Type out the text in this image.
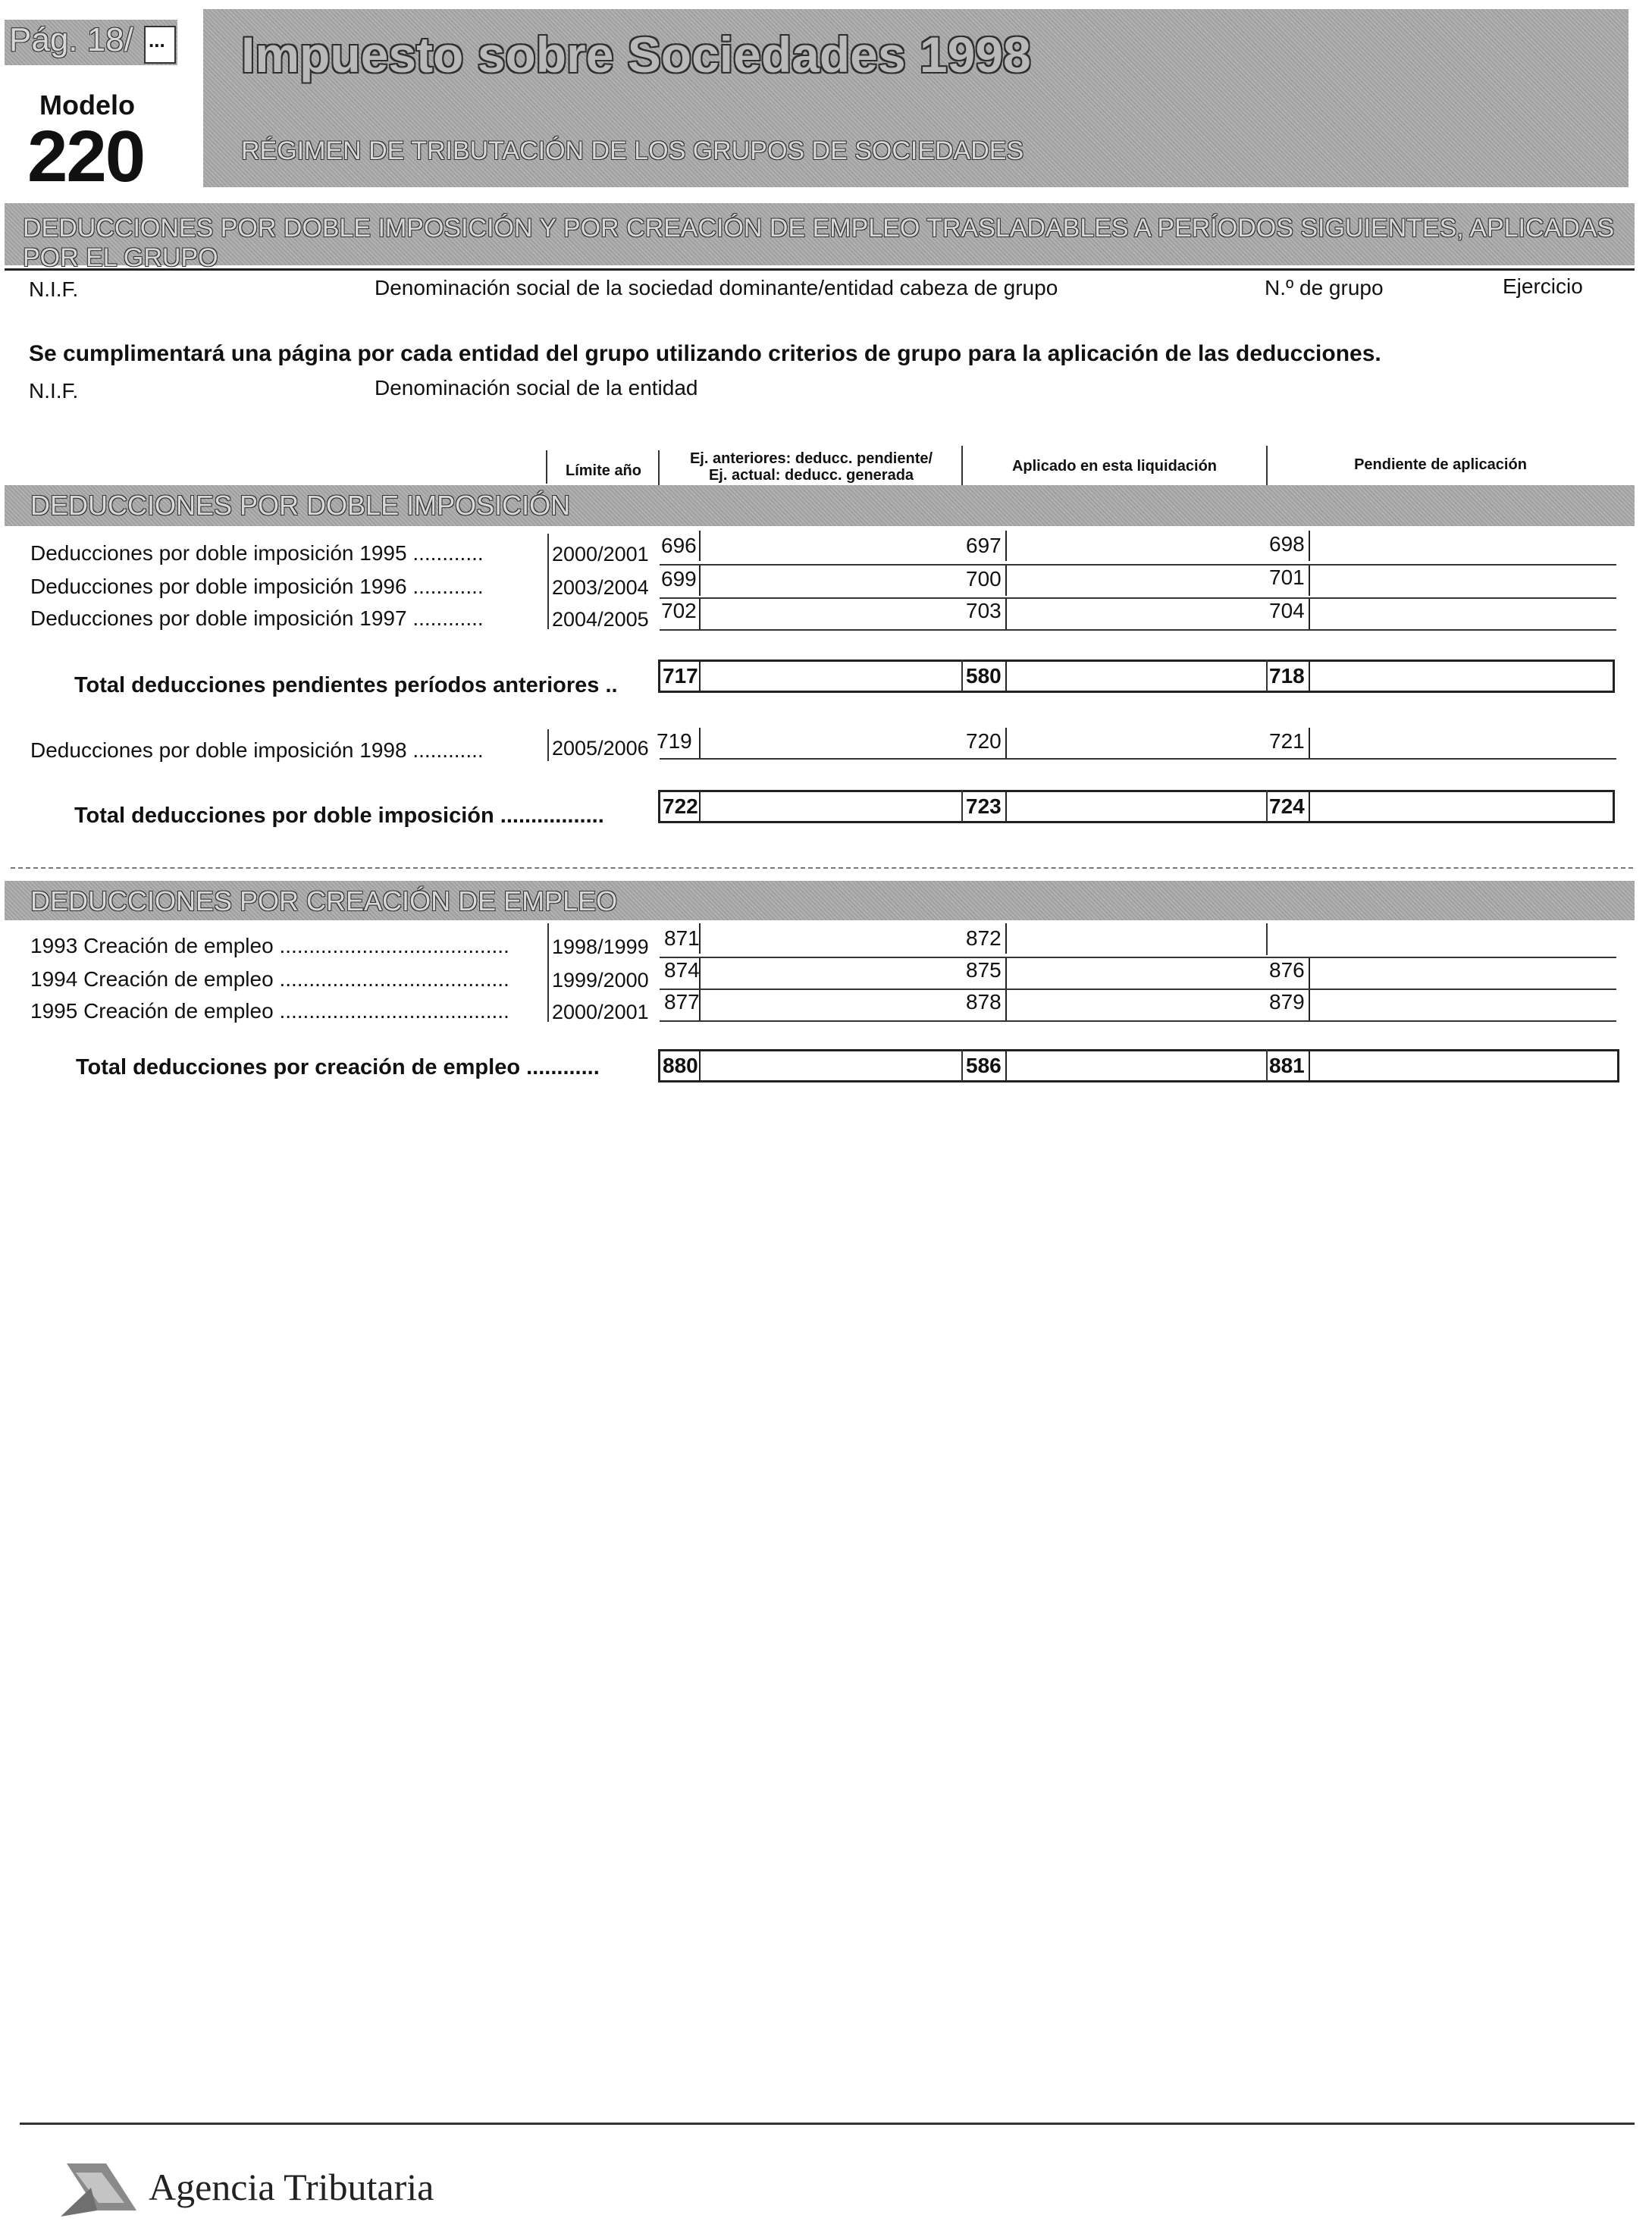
Pág. 18/ ...
Modelo
220
Impuesto sobre Sociedades 1998
RÉGIMEN DE TRIBUTACIÓN DE LOS GRUPOS DE SOCIEDADES
DEDUCCIONES POR DOBLE IMPOSICIÓN Y POR CREACIÓN DE EMPLEO TRASLADABLES A PERÍODOS SIGUIENTES, APLICADAS POR EL GRUPO
N.I.F.	Denominación social de la sociedad dominante/entidad cabeza de grupo	N.º de grupo	Ejercicio
Se cumplimentará una página por cada entidad del grupo utilizando criterios de grupo para la aplicación de las deducciones.
N.I.F.	Denominación social de la entidad
Límite año
Ej. anteriores: deducc. pendiente/
Ej. actual: deducc. generada
Aplicado en esta liquidación	Pendiente de aplicación
DEDUCCIONES POR DOBLE IMPOSICIÓN
Deducciones por doble imposición 1995 ............	2000/2001 696	697	698
Deducciones por doble imposición 1996 ............	2003/2004 699	700	701
Deducciones por doble imposición 1997 ............	2004/2005 702	703	704
Total deducciones pendientes períodos anteriores .. 717	580	718
Deducciones por doble imposición 1998 ............	2005/2006 719	720	721
Total deducciones por doble imposición .................	722	723	724
DEDUCCIONES POR CREACIÓN DE EMPLEO
1993 Creación de empleo ....................................... 1998/1999 871	872
1994 Creación de empleo ....................................... 1999/2000 874	875	876
1995 Creación de empleo ....................................... 2000/2001 877	878	879
Total deducciones por creación de empleo ............	880	586	881
Agencia Tributaria
